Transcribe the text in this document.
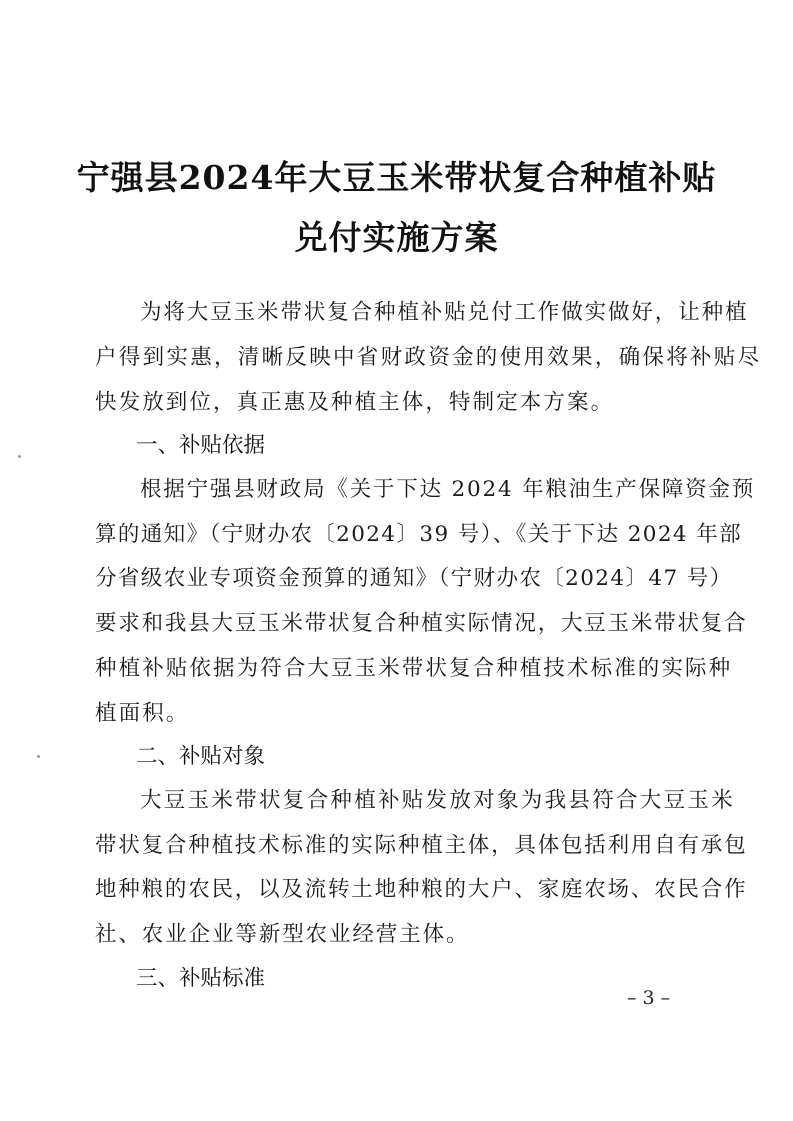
宁强县2024年大豆玉米带状复合种植补贴
兑付实施方案
为将大豆玉米带状复合种植补贴兑付工作做实做好，让种植
户得到实惠，清晰反映中省财政资金的使用效果，确保将补贴尽
快发放到位，真正惠及种植主体，特制定本方案。
一、补贴依据
根据宁强县财政局《关于下达 2024 年粮油生产保障资金预
算的通知》（宁财办农〔2024〕39 号）、《关于下达 2024 年部
分省级农业专项资金预算的通知》（宁财办农〔2024〕47 号）
要求和我县大豆玉米带状复合种植实际情况，大豆玉米带状复合
种植补贴依据为符合大豆玉米带状复合种植技术标准的实际种
植面积。
二、补贴对象
大豆玉米带状复合种植补贴发放对象为我县符合大豆玉米
带状复合种植技术标准的实际种植主体，具体包括利用自有承包
地种粮的农民，以及流转土地种粮的大户、家庭农场、农民合作
社、农业企业等新型农业经营主体。
三、补贴标准
– 3 –
